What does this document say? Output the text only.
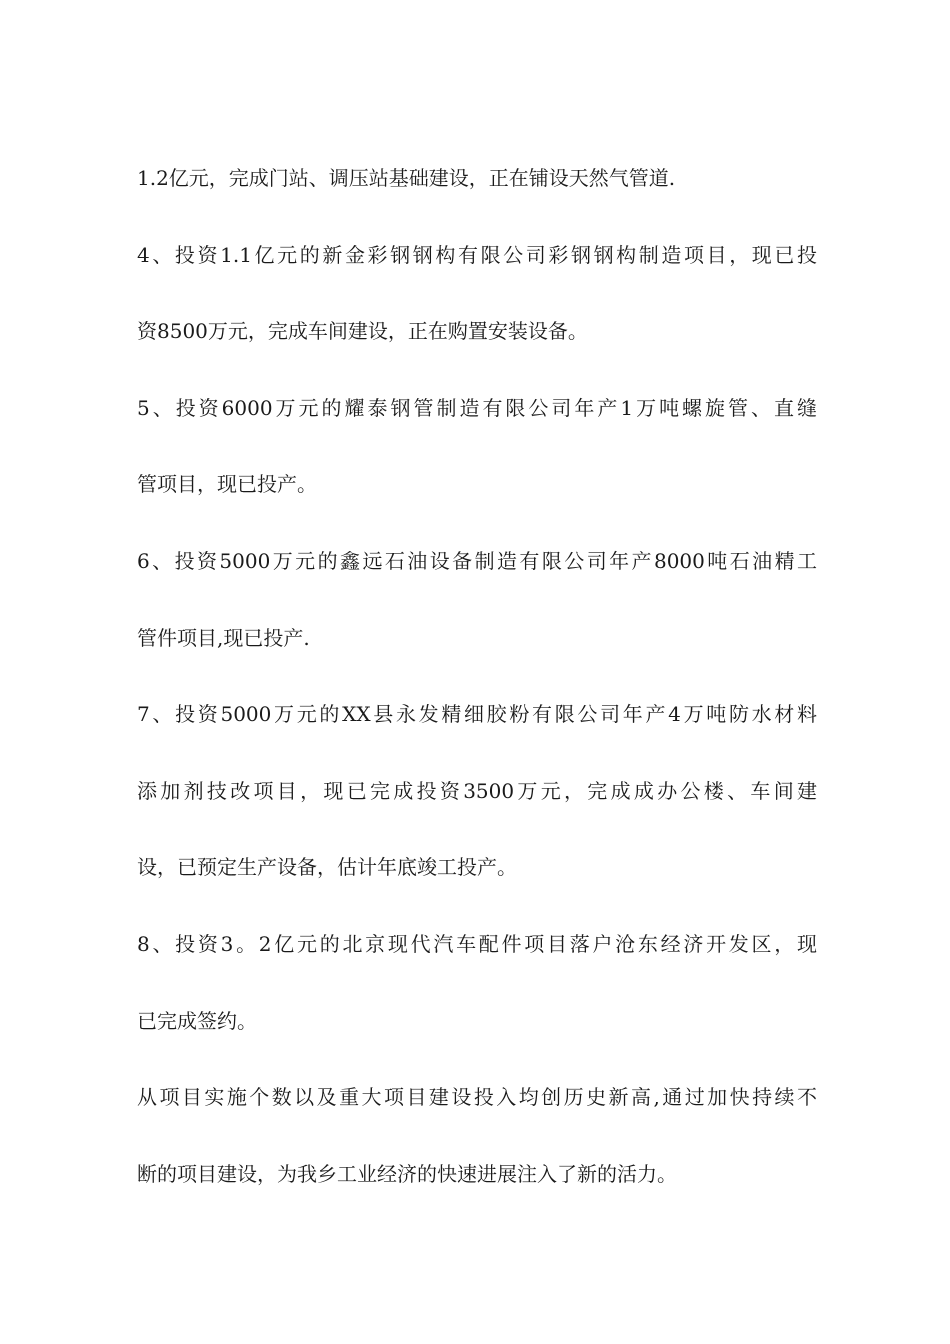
1.2亿元，完成门站、调压站基础建设，正在铺设天然气管道.
4、投资1.1亿元的新金彩钢钢构有限公司彩钢钢构制造项目，现已投
资8500万元，完成车间建设，正在购置安装设备。
5、投资6000万元的耀泰钢管制造有限公司年产1万吨螺旋管、直缝
管项目，现已投产。
6、投资5000万元的鑫远石油设备制造有限公司年产8000吨石油精工
管件项目,现已投产.
7、投资5000万元的XX县永发精细胶粉有限公司年产4万吨防水材料
添加剂技改项目，现已完成投资3500万元，完成成办公楼、车间建
设，已预定生产设备，估计年底竣工投产。
8、投资3。2亿元的北京现代汽车配件项目落户沧东经济开发区，现
已完成签约。
从项目实施个数以及重大项目建设投入均创历史新高,通过加快持续不
断的项目建设，为我乡工业经济的快速进展注入了新的活力。
